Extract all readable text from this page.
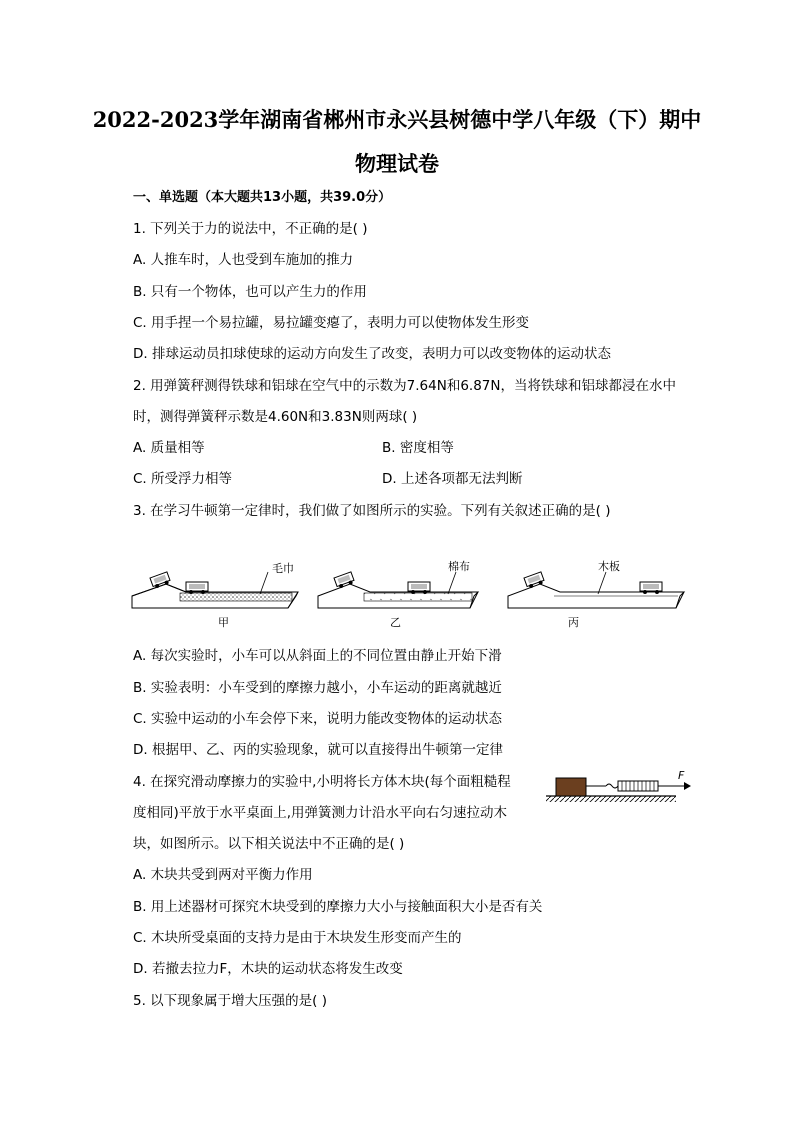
2022-2023学年湖南省郴州市永兴县树德中学八年级（下）期中
物理试卷
一、单选题（本大题共13小题，共39.0分）
1. 下列关于力的说法中，不正确的是( )
A. 人推车时，人也受到车施加的推力
B. 只有一个物体，也可以产生力的作用
C. 用手捏一个易拉罐，易拉罐变瘪了，表明力可以使物体发生形变
D. 排球运动员扣球使球的运动方向发生了改变，表明力可以改变物体的运动状态
2. 用弹簧秤测得铁球和铝球在空气中的示数为7.64N和6.87N，当将铁球和铝球都浸在水中
时，测得弹簧秤示数是4.60N和3.83N则两球( )
A. 质量相等	B. 密度相等
C. 所受浮力相等	D. 上述各项都无法判断
3. 在学习牛顿第一定律时，我们做了如图所示的实验。下列有关叙述正确的是( )
毛巾
甲
棉布
乙
木板
丙
A. 每次实验时，小车可以从斜面上的不同位置由静止开始下滑
B. 实验表明：小车受到的摩擦力越小，小车运动的距离就越近
C. 实验中运动的小车会停下来，说明力能改变物体的运动状态
D. 根据甲、乙、丙的实验现象，就可以直接得出牛顿第一定律
4. 在探究滑动摩擦力的实验中,小明将长方体木块(每个面粗糙程
度相同)平放于水平桌面上,用弹簧测力计沿水平向右匀速拉动木
块，如图所示。以下相关说法中不正确的是( )
F
A. 木块共受到两对平衡力作用
B. 用上述器材可探究木块受到的摩擦力大小与接触面积大小是否有关
C. 木块所受桌面的支持力是由于木块发生形变而产生的
D. 若撤去拉力F，木块的运动状态将发生改变
5. 以下现象属于增大压强的是( )
